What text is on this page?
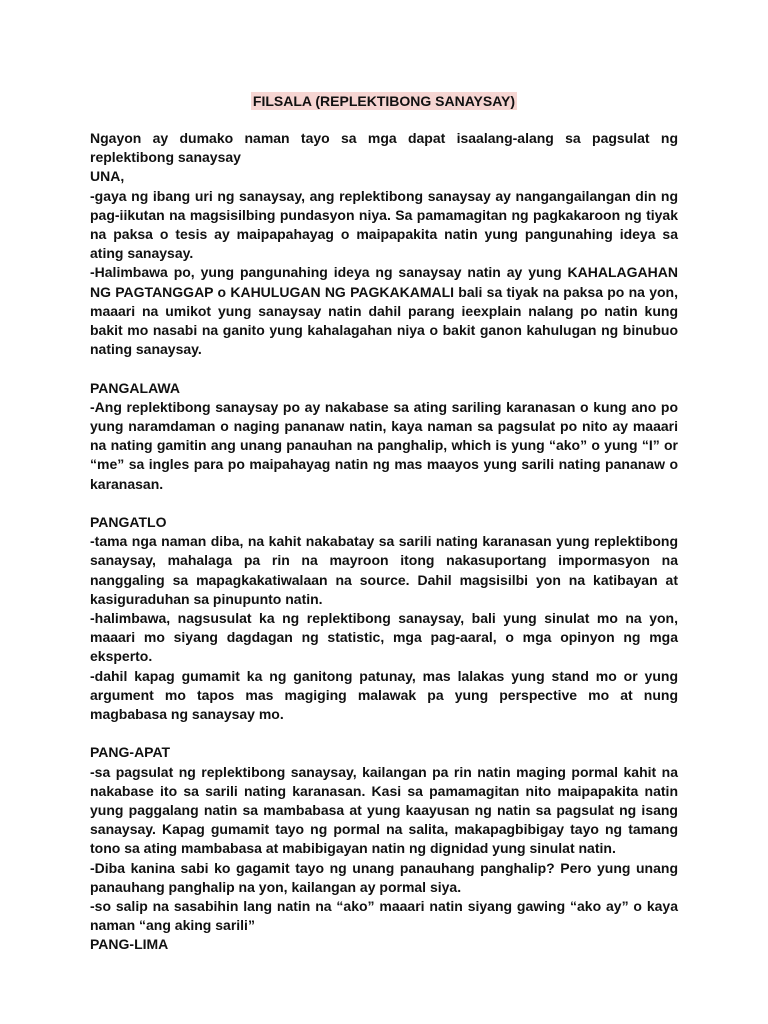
FILSALA (REPLEKTIBONG SANAYSAY)

Ngayon ay dumako naman tayo sa mga dapat isaalang-alang sa pagsulat ng replektibong sanaysay

UNA,

-gaya ng ibang uri ng sanaysay, ang replektibong sanaysay ay nangangailangan din ng pag-iikutan na magsisilbing pundasyon niya. Sa pamamagitan ng pagkakaroon ng tiyak na paksa o tesis ay maipapahayag o maipapakita natin yung pangunahing ideya sa ating sanaysay.

-Halimbawa po, yung pangunahing ideya ng sanaysay natin ay yung KAHALAGAHAN NG PAGTANGGAP o KAHULUGAN NG PAGKAKAMALI bali sa tiyak na paksa po na yon, maaari na umikot yung sanaysay natin dahil parang ieexplain nalang po natin kung bakit mo nasabi na ganito yung kahalagahan niya o bakit ganon kahulugan ng binubuo nating sanaysay.

PANGALAWA

-Ang replektibong sanaysay po ay nakabase sa ating sariling karanasan o kung ano po yung naramdaman o naging pananaw natin, kaya naman sa pagsulat po nito ay maaari na nating gamitin ang unang panauhan na panghalip, which is yung “ako” o yung “I” or “me” sa ingles para po maipahayag natin ng mas maayos yung sarili nating pananaw o karanasan.

PANGATLO

-tama nga naman diba, na kahit nakabatay sa sarili nating karanasan yung replektibong sanaysay, mahalaga pa rin na mayroon itong nakasuportang impormasyon na nanggaling sa mapagkakatiwalaan na source. Dahil magsisilbi yon na katibayan at kasiguraduhan sa pinupunto natin.

-halimbawa, nagsusulat ka ng replektibong sanaysay, bali yung sinulat mo na yon, maaari mo siyang dagdagan ng statistic, mga pag-aaral, o mga opinyon ng mga eksperto.

-dahil kapag gumamit ka ng ganitong patunay, mas lalakas yung stand mo or yung argument mo tapos mas magiging malawak pa yung perspective mo at nung magbabasa ng sanaysay mo.

PANG-APAT

-sa pagsulat ng replektibong sanaysay, kailangan pa rin natin maging pormal kahit na nakabase ito sa sarili nating karanasan. Kasi sa pamamagitan nito maipapakita natin yung paggalang natin sa mambabasa at yung kaayusan ng natin sa pagsulat ng isang sanaysay. Kapag gumamit tayo ng pormal na salita, makapagbibigay tayo ng tamang tono sa ating mambabasa at mabibigayan natin ng dignidad yung sinulat natin.

-Diba kanina sabi ko gagamit tayo ng unang panauhang panghalip? Pero yung unang panauhang panghalip na yon, kailangan ay pormal siya.

-so salip na sasabihin lang natin na “ako” maaari natin siyang gawing “ako ay” o kaya naman “ang aking sarili”

PANG-LIMA
